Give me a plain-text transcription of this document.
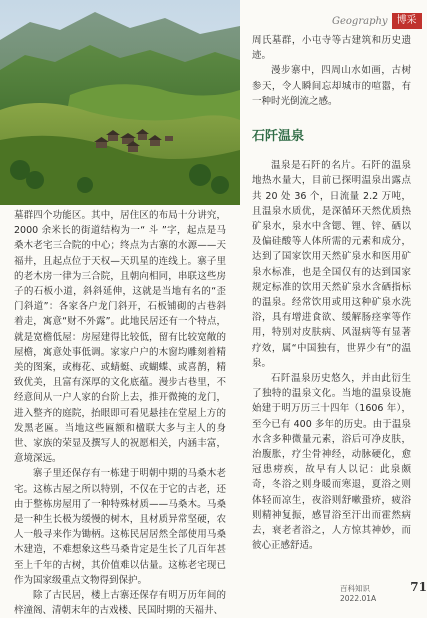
Geography 博采

墓群四个功能区。其中，居住区的布局十分讲究，2000 余米长的街道结构为一“ 斗 ”字，起点是马桑木老宅三合院的中心；终点为古寨的水源——天福井，且起点位于天权—天玑星的连线上。寨子里的老木房一律为三合院，且朝向相同，串联这些房子的石板小道，斜斜延伸，这就是当地有名的“歪门斜道”：各家各户龙门斜开，石板铺砌的古巷斜着走，寓意“财不外露”。此地民居还有一个特点，就是宽檐低屋：房屋建得比较低，留有比较宽敞的屋檐，寓意处事低调。家家户户的木窗均雕刻着精美的图案，或梅花、或蜻蜓、或蝴蝶、或喜鹊，精致优美，且富有深厚的文化底蕴。漫步古巷里，不经意间从一户人家的台阶上去，推开微掩的龙门，进入整齐的庭院，抬眼即可看见悬挂在堂屋上方的发黑老匾。当地这些匾额和楹联大多与主人的身世、家族的荣显及撰写人的祝愿相关，内涵丰富，意境深远。

寨子里还保存有一栋建于明朝中期的马桑木老宅。这栋古屋之所以特别，不仅在于它的古老，还由于整栋房屋用了一种特殊材质——马桑木。马桑是一种生长极为缓慢的树木，且材质异常坚硬，农人一般寻来作为锄柄。这栋民居居然全部使用马桑木建造，不难想象这些马桑肯定是生长了几百年甚至上千年的古树，其价值难以估量。这栋老宅现已作为国家级重点文物得到保护。

除了古民居，楼上古寨还保存有明万历年间的梓潼阁、清朝末年的古戏楼、民国时期的天福井、

周氏墓群，小屯寺等古建筑和历史遗迹。

漫步寨中，四周山水如画，古树参天，令人瞬间忘却城市的喧嚣，有一种时光倒流之感。

石阡温泉

温泉是石阡的名片。石阡的温泉地热水量大，目前已探明温泉出露点共 20 处 36 个，日流量 2.2 万吨，且温泉水质优，是深循环天然优质热矿泉水，泉水中含锶、锂、锌、硒以及偏硅酸等人体所需的元素和成分，达到了国家饮用天然矿泉水和医用矿泉水标准，也是全国仅有的达到国家规定标准的饮用天然矿泉水含硒指标的温泉。经常饮用或用这种矿泉水洗浴，具有增进食欲、缓解肠痉挛等作用，特别对皮肤病、风湿病等有显著疗效，属“中国独有，世界少有”的温泉。

石阡温泉历史悠久，并由此衍生了独特的温泉文化。当地的温泉设施始建于明万历三十四年（1606 年），至今已有 400 多年的历史。由于温泉水含多种微量元素，浴后可净皮肤，治腹胀，疗尘骨神经，动脉硬化，愈冠患痨疾，故早有人以记：此泉颇奇，冬浴之则身暖而寒退，夏浴之则体轻而凉生，夜浴则舒嗽蛩疥，疲浴则精神复振，感冒浴至汗出而霍然病去，衰老者浴之，人方惊其神妙，而彼心正感舒适。

百科知识 2022.01A
71
